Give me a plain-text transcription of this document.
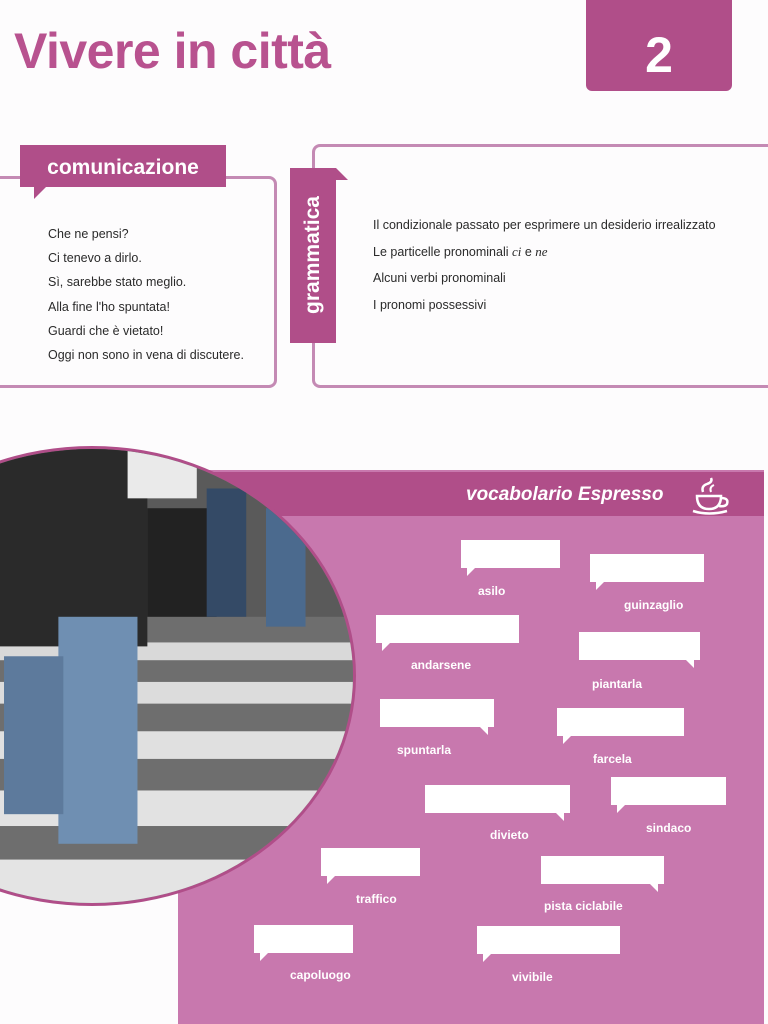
Vivere in città	2
comunicazione
Che ne pensi?
Ci tenevo a dirlo.
Sì, sarebbe stato meglio.
Alla fine l'ho spuntata!
Guardi che è vietato!
Oggi non sono in vena di discutere.
grammatica	Il condizionale passato per esprimere un desiderio irrealizzato
Le particelle pronominali ci e ne
Alcuni verbi pronominali
I pronomi possessivi
vocabolario Espresso
asilo
guinzaglio
andarsene
piantarla
spuntarla
farcela
divieto	sindaco
traffico	pista ciclabile
capoluogo	vivibile
